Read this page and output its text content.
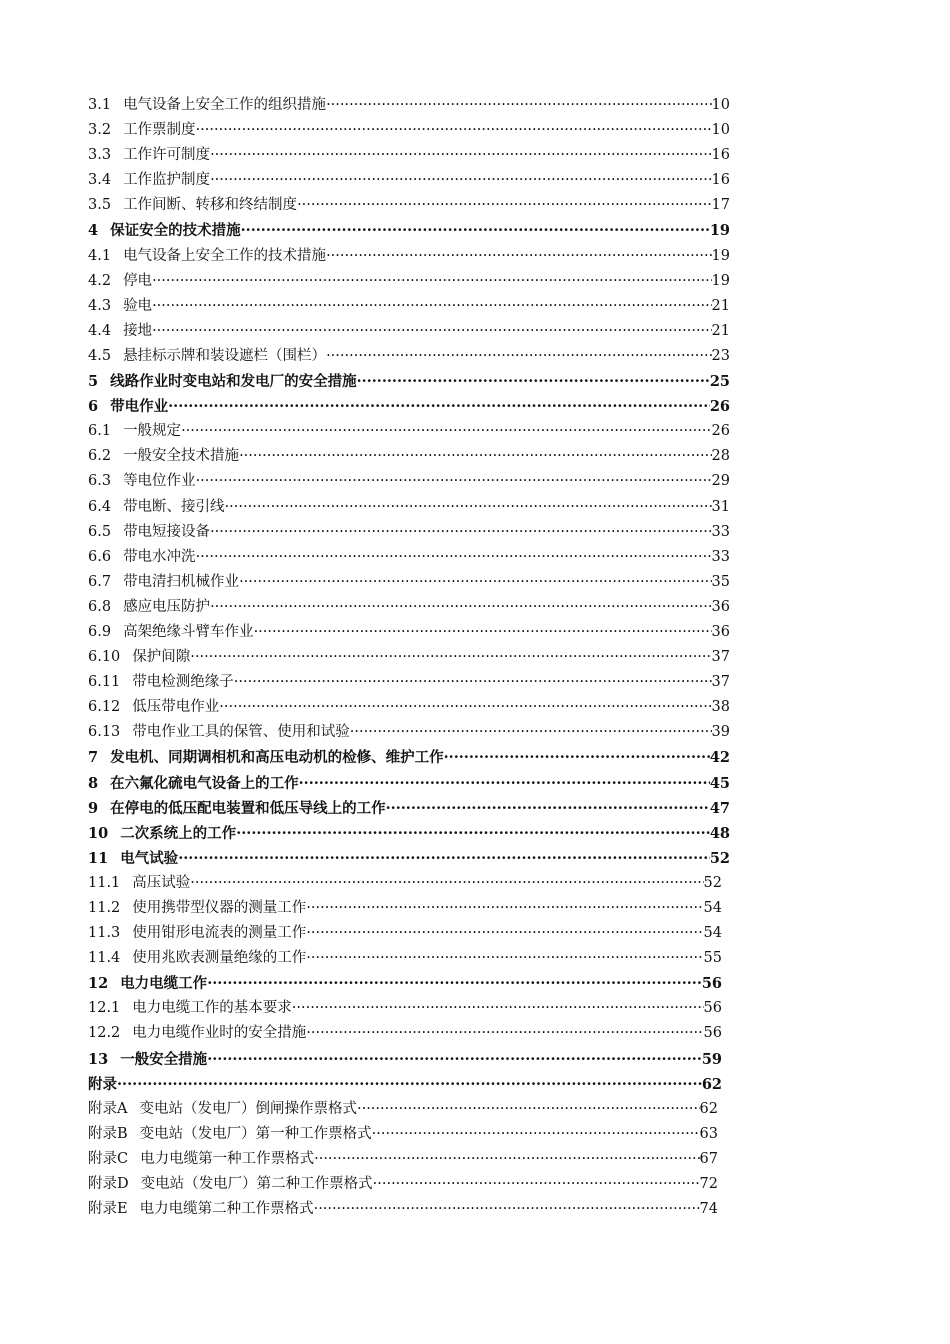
3.1 电气设备上安全工作的组织措施 ·····	10
3.2 工作票制度 ·····	10
3.3 工作许可制度 ·····	16
3.4 工作监护制度 ·····	16
3.5 工作间断、转移和终结制度 ·····	17
4 保证安全的技术措施 ·····	19
4.1 电气设备上安全工作的技术措施 ·····	19
4.2 停电 ·····	19
4.3 验电 ·····	21
4.4 接地 ·····	21
4.5 悬挂标示牌和装设遮栏（围栏） ·····	23
5 线路作业时变电站和发电厂的安全措施 ·····	25
6 带电作业 ·····	26
6.1 一般规定 ·····	26
6.2 一般安全技术措施 ·····	28
6.3 等电位作业 ·····	29
6.4 带电断、接引线 ·····	31
6.5 带电短接设备 ·····	33
6.6 带电水冲洗 ·····	33
6.7 带电清扫机械作业 ·····	35
6.8 感应电压防护 ·····	36
6.9 高架绝缘斗臂车作业 ·····	36
6.10 保护间隙 ·····	37
6.11 带电检测绝缘子 ·····	37
6.12 低压带电作业 ·····	38
6.13 带电作业工具的保管、使用和试验 ·····	39
7 发电机、同期调相机和高压电动机的检修、维护工作 ·····	42
8 在六氟化硫电气设备上的工作 ·····	45
9 在停电的低压配电装置和低压导线上的工作 ·····	47
10 二次系统上的工作 ·····	48
11 电气试验 ·····	52
11.1 高压试验 ·····	52
11.2 使用携带型仪器的测量工作 ·····	54
11.3 使用钳形电流表的测量工作 ·····	54
11.4 使用兆欧表测量绝缘的工作 ·····	55
12 电力电缆工作 ·····	56
12.1 电力电缆工作的基本要求 ·····	56
12.2 电力电缆作业时的安全措施 ·····	56
13 一般安全措施 ·····	59
附录 ·····	62
附录A 变电站（发电厂）倒闸操作票格式 ·····	62
附录B 变电站（发电厂）第一种工作票格式 ·····	63
附录C 电力电缆第一种工作票格式 ·····	67
附录D 变电站（发电厂）第二种工作票格式 ·····	72
附录E 电力电缆第二种工作票格式 ·····	74
